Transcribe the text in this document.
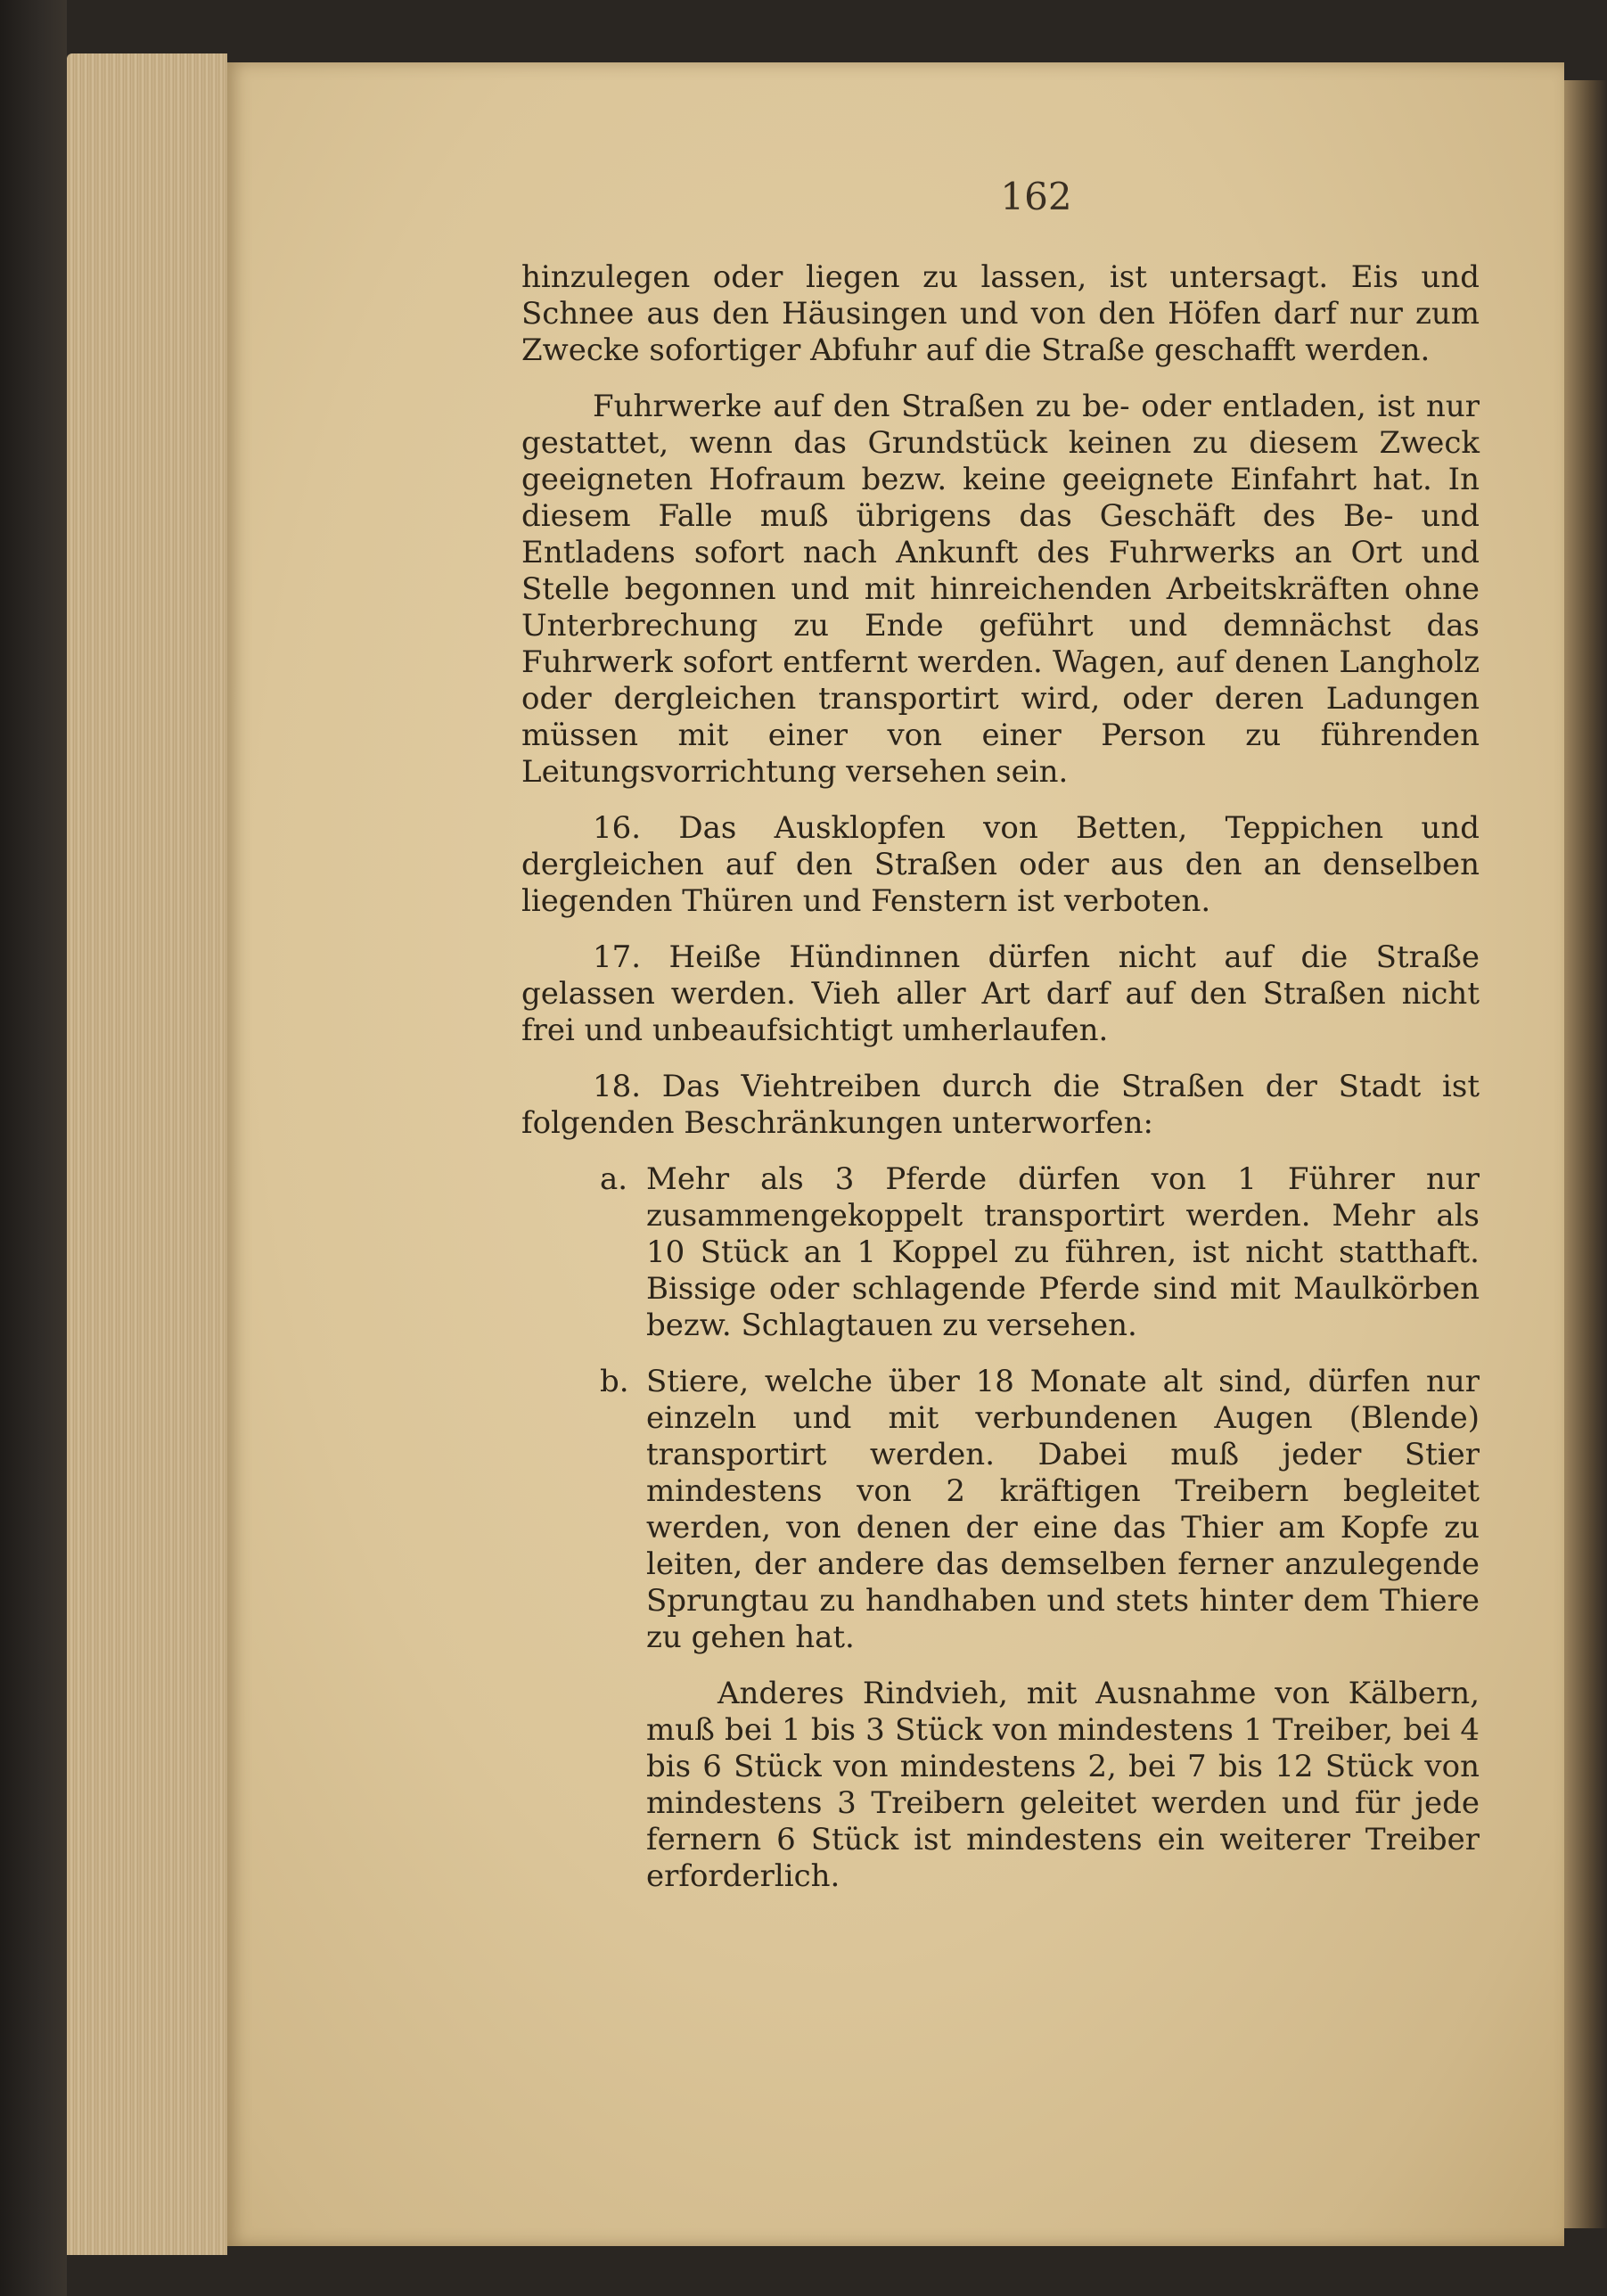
162

hinzulegen oder liegen zu lassen, ist untersagt. Eis und Schnee aus den Häusingen und von den Höfen darf nur zum Zwecke sofortiger Abfuhr auf die Straße geschafft werden.

Fuhrwerke auf den Straßen zu be- oder entladen, ist nur gestattet, wenn das Grundstück keinen zu diesem Zweck geeigneten Hofraum bezw. keine geeignete Einfahrt hat. In diesem Falle muß übrigens das Geschäft des Be- und Entladens sofort nach Ankunft des Fuhrwerks an Ort und Stelle begonnen und mit hinreichenden Arbeitskräften ohne Unterbrechung zu Ende geführt und demnächst das Fuhrwerk sofort entfernt werden. Wagen, auf denen Langholz oder dergleichen transportirt wird, oder deren Ladungen müssen mit einer von einer Person zu führenden Leitungsvorrichtung versehen sein.

16. Das Ausklopfen von Betten, Teppichen und dergleichen auf den Straßen oder aus den an denselben liegenden Thüren und Fenstern ist verboten.

17. Heiße Hündinnen dürfen nicht auf die Straße gelassen werden. Vieh aller Art darf auf den Straßen nicht frei und unbeaufsichtigt umherlaufen.

18. Das Viehtreiben durch die Straßen der Stadt ist folgenden Beschränkungen unterworfen:

a. Mehr als 3 Pferde dürfen von 1 Führer nur zusammengekoppelt transportirt werden. Mehr als 10 Stück an 1 Koppel zu führen, ist nicht statthaft. Bissige oder schlagende Pferde sind mit Maulkörben bezw. Schlagtauen zu versehen.
b. Stiere, welche über 18 Monate alt sind, dürfen nur einzeln und mit verbundenen Augen (Blende) transportirt werden. Dabei muß jeder Stier mindestens von 2 kräftigen Treibern begleitet werden, von denen der eine das Thier am Kopfe zu leiten, der andere das demselben ferner anzulegende Sprungtau zu handhaben und stets hinter dem Thiere zu gehen hat.

Anderes Rindvieh, mit Ausnahme von Kälbern, muß bei 1 bis 3 Stück von mindestens 1 Treiber, bei 4 bis 6 Stück von mindestens 2, bei 7 bis 12 Stück von mindestens 3 Treibern geleitet werden und für jede fernern 6 Stück ist mindestens ein weiterer Treiber erforderlich.
